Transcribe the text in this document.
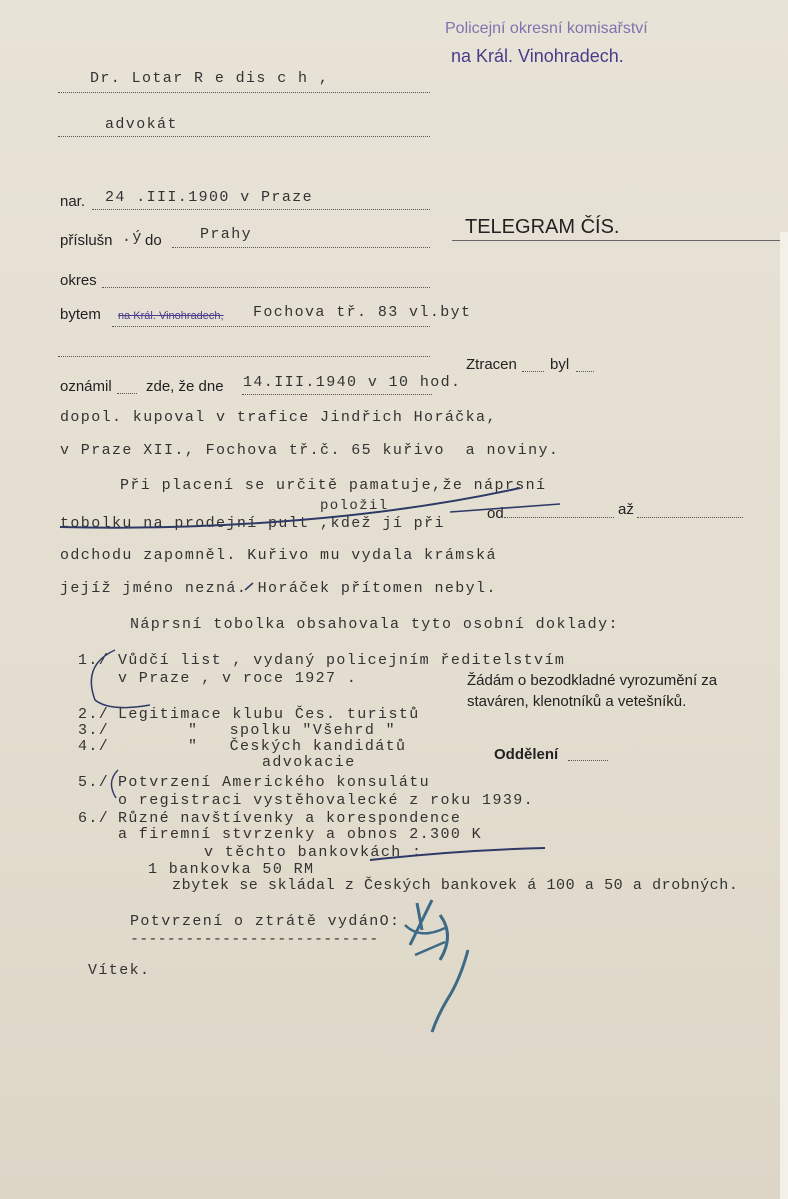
Policejní okresní komisařství
na Král. Vinohradech.
Dr. Lotar R e dis c h ,
advokát
nar. 24 .III.1900 v Praze
příslušn .ý do	Prahy
okres
bytem na Král. Vinohradech, Fochova tř. 83 vl.byt
TELEGRAM ČÍS.
Ztracen byl
od	až
oznámil zde, že dne 14.III.1940 v 10 hod.
dopol. kupoval v trafice Jindřich Horáčka,
v Praze XII., Fochova tř.č. 65 kuřivo  a noviny.
Při placení se určitě pamatuje,že náprsní
položil
tobolku na prodejní pult ,kdež jí při
odchodu zapomněl. Kuřivo mu vydala krámská
jejíž jméno nezná. Horáček přítomen nebyl.
Náprsní tobolka obsahovala tyto osobní doklady:
1./ Vůdčí list , vydaný policejním ředitelstvím
v Praze , v roce 1927 .
2./ Legitimace klubu Čes. turistů
3./	"   spolku "Všehrd "
4./	"   Českých kandidátů
advokacie
5./ Potvrzení Amerického konsulátu
o registraci vystěhovalecké z roku 1939.
6./ Různé navštívenky a korespondence
a firemní stvrzenky a obnos 2.300 K
v těchto bankovkách :
1 bankovka 50 RM
zbytek se skládal z Českých bankovek á 100 a 50 a drobných.
Žádám o bezodkladné vyrozumění za
staváren, klenotníků a vetešníků.
Oddělení
Potvrzení o ztrátě vydánO:
---------------------------
Vítek.
